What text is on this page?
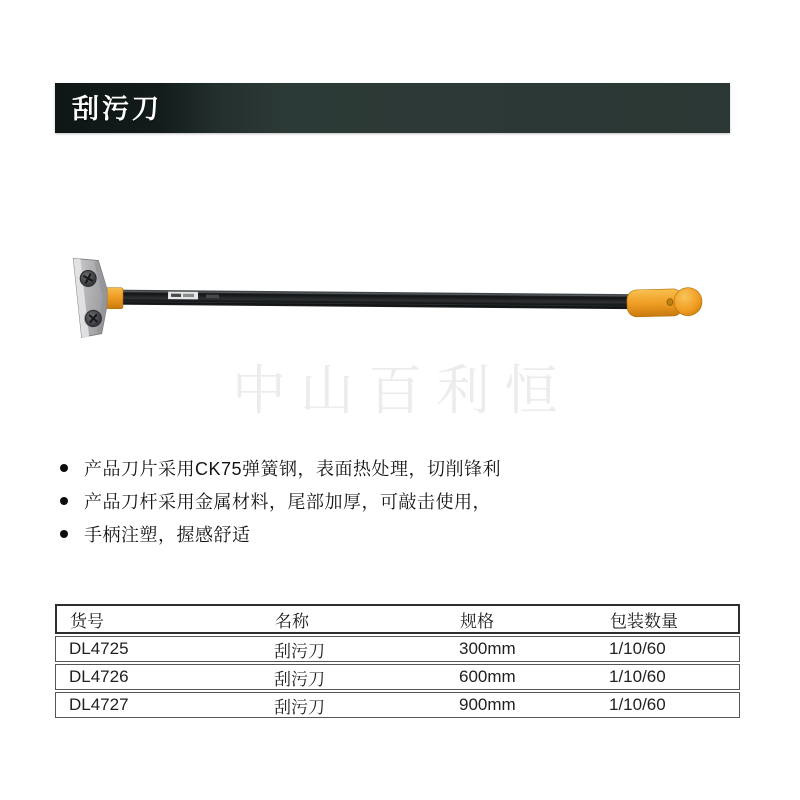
刮污刀
中山百利恒
产品刀片采用CK75弹簧钢，表面热处理，切削锋利
产品刀杆采用金属材料，尾部加厚，可敲击使用，
手柄注塑，握感舒适
货号	名称	规格	包装数量
DL4725	刮污刀	300mm	1/10/60
DL4726	刮污刀	600mm	1/10/60
DL4727	刮污刀	900mm	1/10/60
